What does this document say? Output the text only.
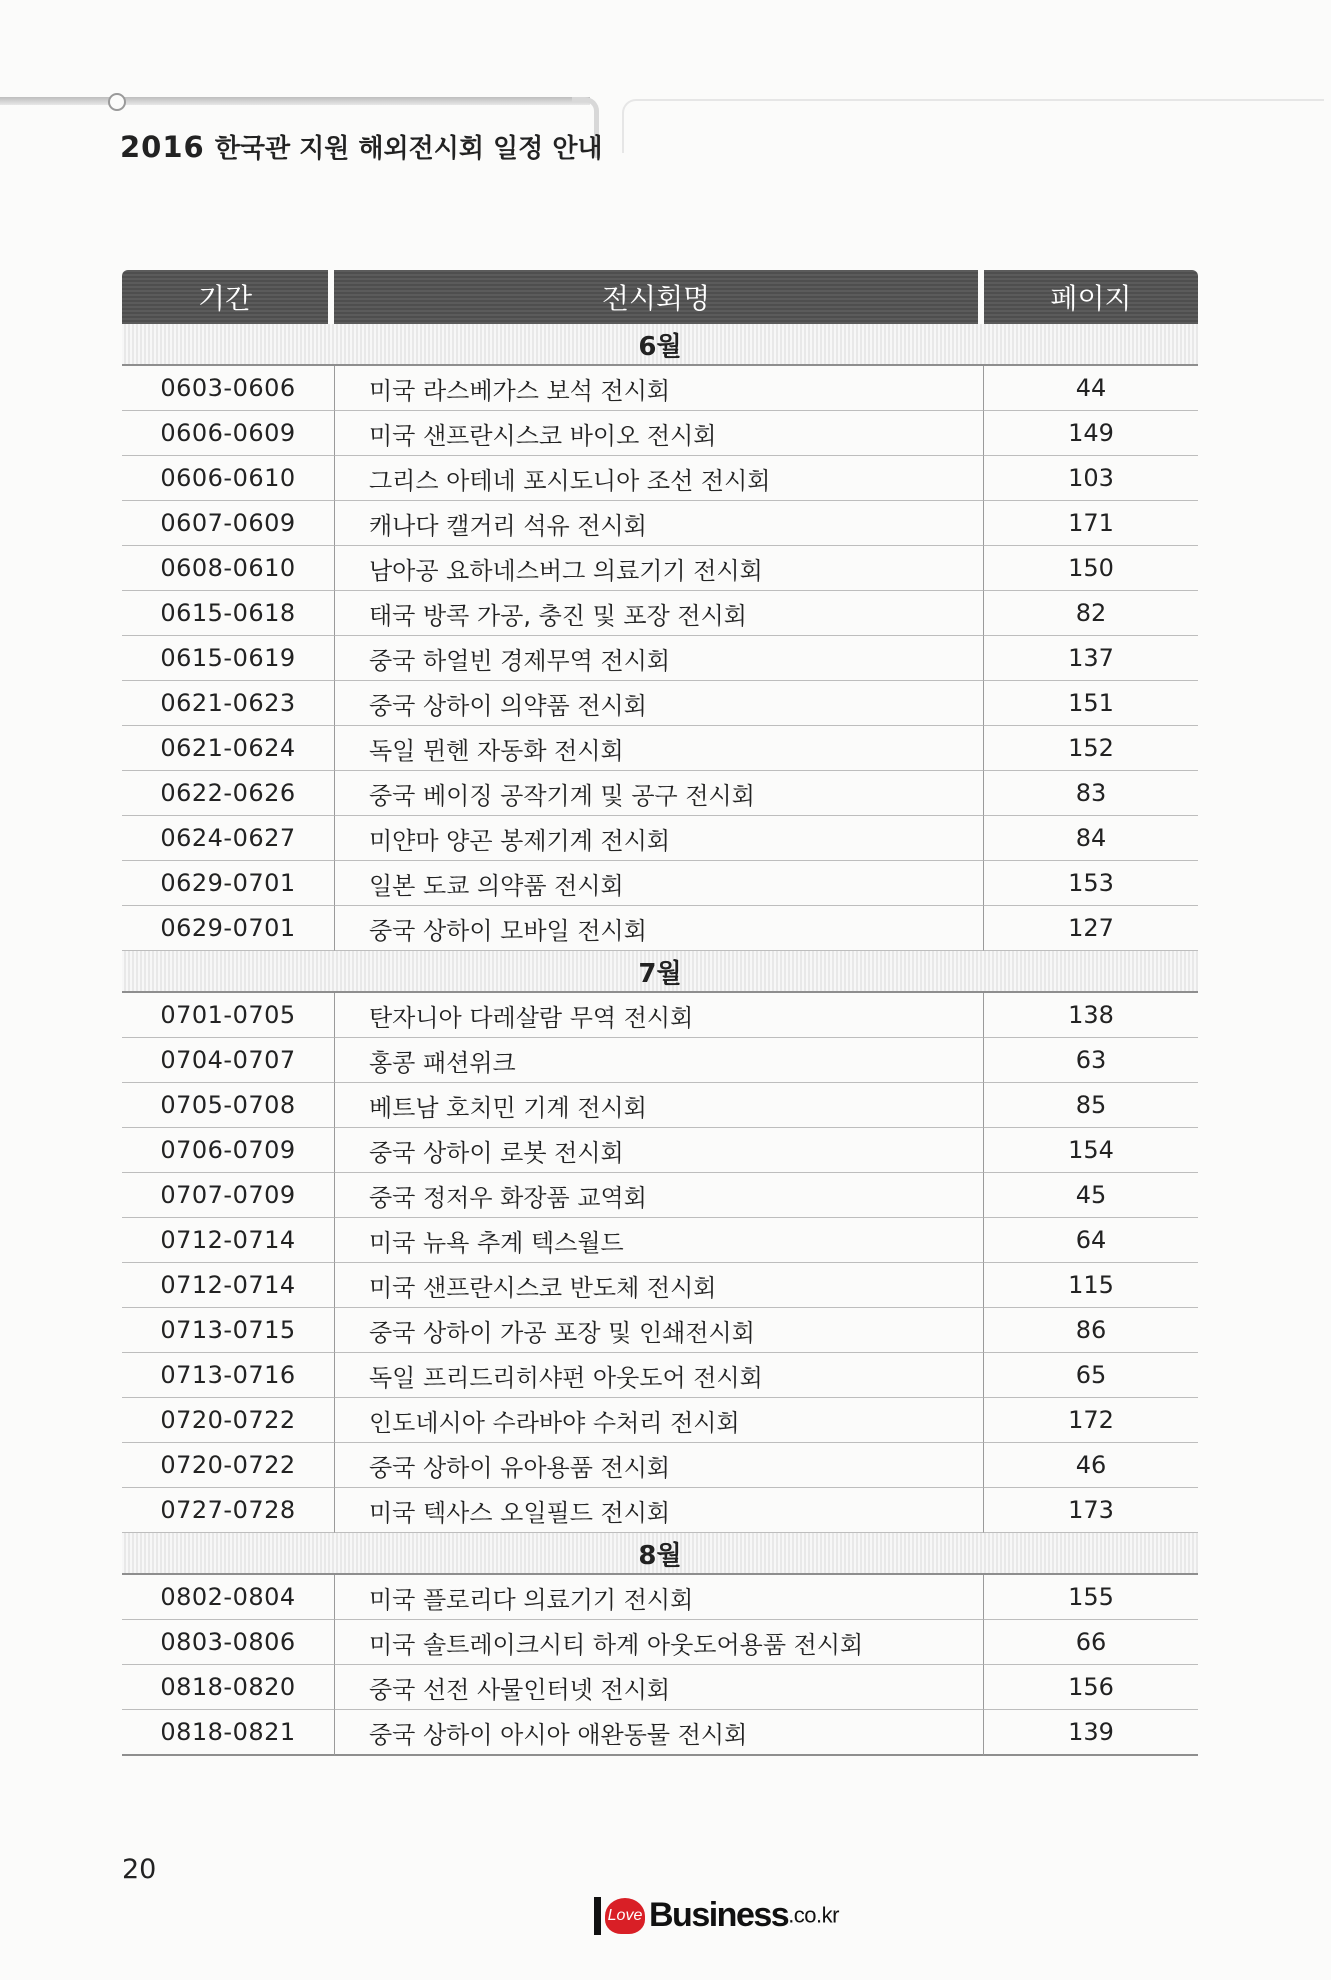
2016 한국관 지원 해외전시회 일정 안내
기간	전시회명	페이지
6월		
0603-0606	미국 라스베가스 보석 전시회	44
0606-0609	미국 샌프란시스코 바이오 전시회	149
0606-0610	그리스 아테네 포시도니아 조선 전시회	103
0607-0609	캐나다 캘거리 석유 전시회	171
0608-0610	남아공 요하네스버그 의료기기 전시회	150
0615-0618	태국 방콕 가공, 충진 및 포장 전시회	82
0615-0619	중국 하얼빈 경제무역 전시회	137
0621-0623	중국 상하이 의약품 전시회	151
0621-0624	독일 뮌헨 자동화 전시회	152
0622-0626	중국 베이징 공작기계 및 공구 전시회	83
0624-0627	미얀마 양곤 봉제기계 전시회	84
0629-0701	일본 도쿄 의약품 전시회	153
0629-0701	중국 상하이 모바일 전시회	127
7월		
0701-0705	탄자니아 다레살람 무역 전시회	138
0704-0707	홍콩 패션위크	63
0705-0708	베트남 호치민 기계 전시회	85
0706-0709	중국 상하이 로봇 전시회	154
0707-0709	중국 정저우 화장품 교역회	45
0712-0714	미국 뉴욕 추계 텍스월드	64
0712-0714	미국 샌프란시스코 반도체 전시회	115
0713-0715	중국 상하이 가공 포장 및 인쇄전시회	86
0713-0716	독일 프리드리히샤펀 아웃도어 전시회	65
0720-0722	인도네시아 수라바야 수처리 전시회	172
0720-0722	중국 상하이 유아용품 전시회	46
0727-0728	미국 텍사스 오일필드 전시회	173
8월		
0802-0804	미국 플로리다 의료기기 전시회	155
0803-0806	미국 솔트레이크시티 하계 아웃도어용품 전시회	66
0818-0820	중국 선전 사물인터넷 전시회	156
0818-0821	중국 상하이 아시아 애완동물 전시회	139
20
Love Business.co.kr
